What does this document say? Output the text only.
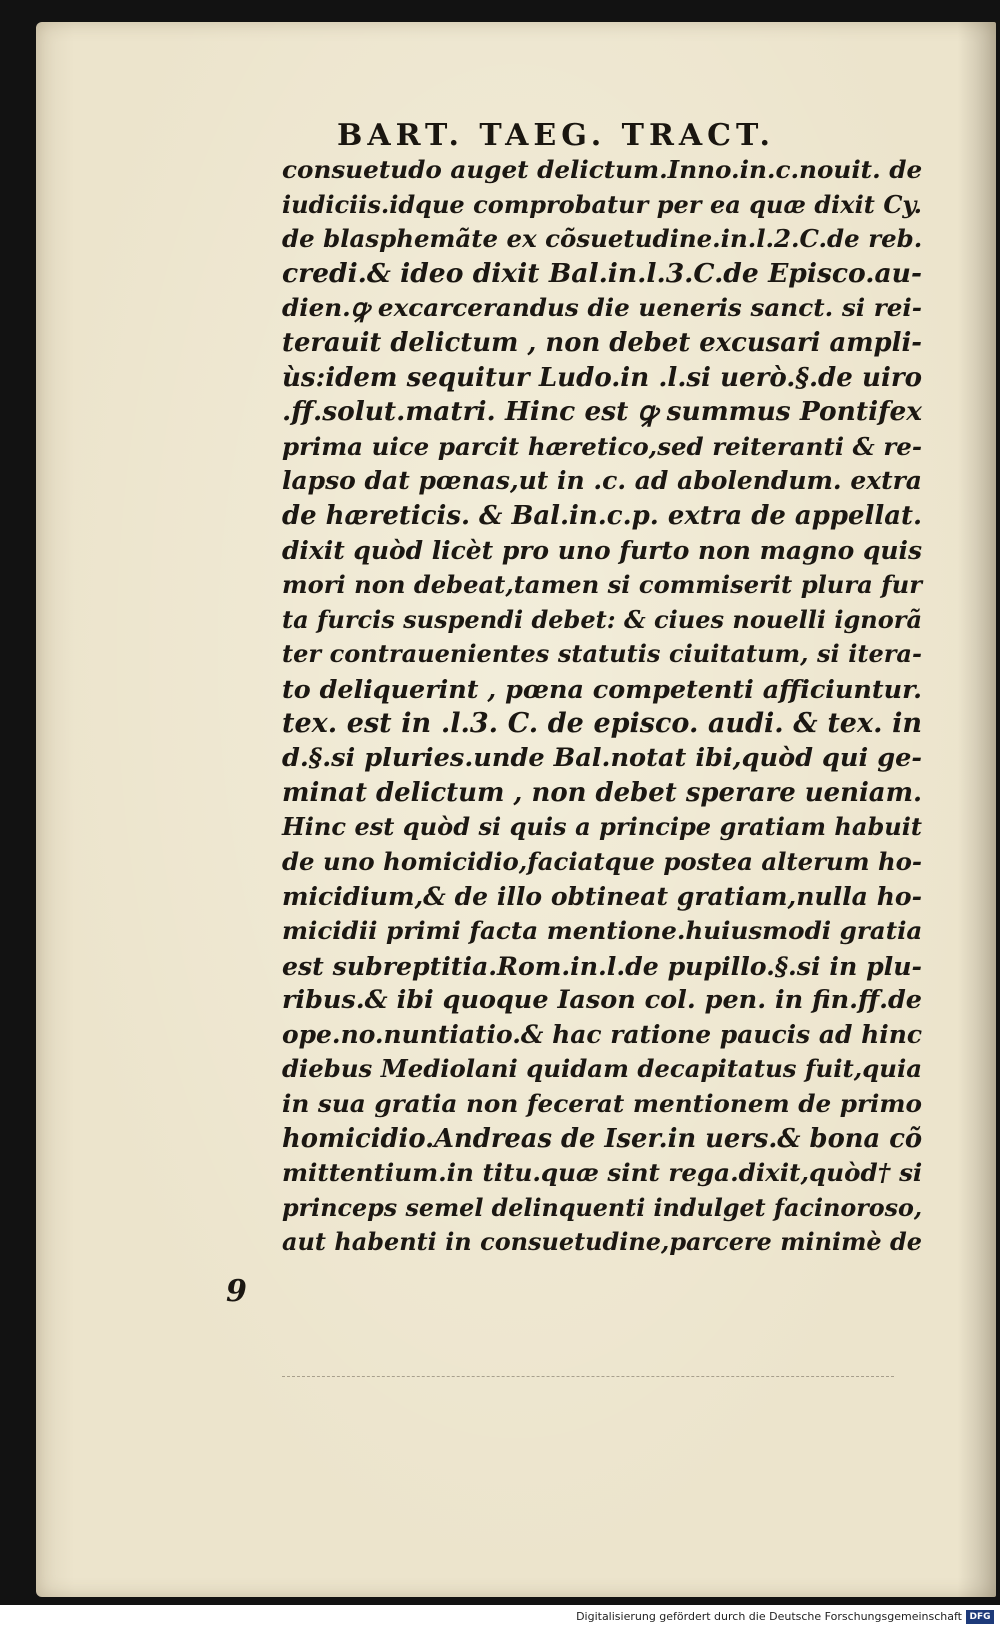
BART. TAEG. TRACT.
consuetudo auget delictum.Inno.in.c.nouit. de
iudiciis.idque comprobatur per ea quæ dixit Cy.
de blasphemãte ex cõsuetudine.in.l.2.C.de reb.
credi.& ideo dixit Bal.in.l.3.C.de Episco.au-
dien.ꝙ excarcerandus die ueneris sanct. si rei-
terauit delictum , non debet excusari ampli-
ùs:idem sequitur Ludo.in .l.si uerò.§.de uiro
.ff.solut.matri. Hinc est ꝙ summus Pontifex
prima uice parcit hæretico,sed reiteranti & re-
lapso dat pœnas,ut in .c. ad abolendum. extra
de hæreticis. & Bal.in.c.p. extra de appellat.
dixit quòd licèt pro uno furto non magno quis
mori non debeat,tamen si commiserit plura fur
ta furcis suspendi debet: & ciues nouelli ignorã
ter contrauenientes statutis ciuitatum, si itera-
to deliquerint , pœna competenti afficiuntur.
tex. est in .l.3. C. de episco. audi. & tex. in
d.§.si pluries.unde Bal.notat ibi,quòd qui ge-
minat delictum , non debet sperare ueniam.
Hinc est quòd si quis a principe gratiam habuit
de uno homicidio,faciatque postea alterum ho-
micidium,& de illo obtineat gratiam,nulla ho-
micidii primi facta mentione.huiusmodi gratia
est subreptitia.Rom.in.l.de pupillo.§.si in plu-
ribus.& ibi quoque Iason col. pen. in fin.ff.de
ope.no.nuntiatio.& hac ratione paucis ad hinc
diebus Mediolani quidam decapitatus fuit,quia
in sua gratia non fecerat mentionem de primo
homicidio.Andreas de Iser.in uers.& bona cõ
mittentium.in titu.quæ sint rega.dixit,quòd† si
princeps semel delinquenti indulget facinoroso,
aut habenti in consuetudine,parcere minimè de
9
Digitalisierung gefördert durch die Deutsche Forschungsgemeinschaft DFG
